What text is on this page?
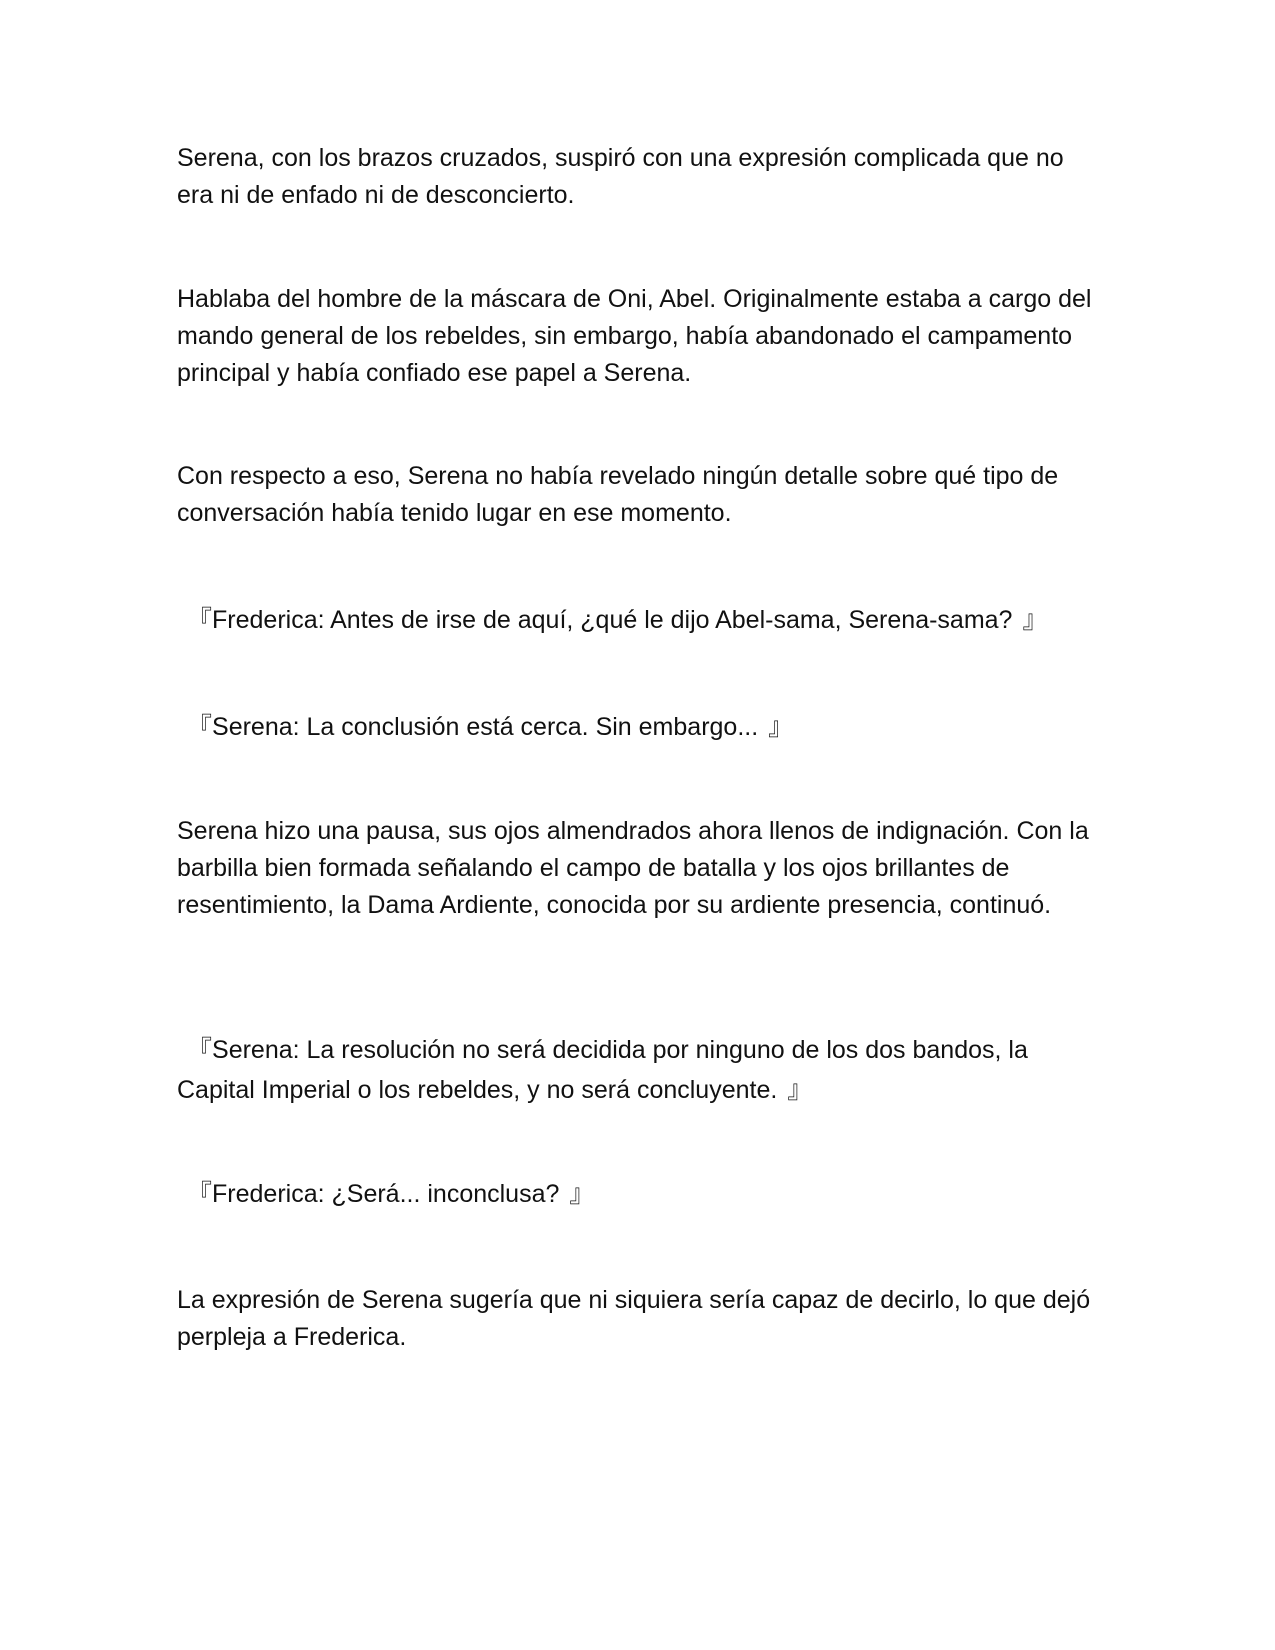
Serena, con los brazos cruzados, suspiró con una expresión complicada que no era ni de enfado ni de desconcierto.

Hablaba del hombre de la máscara de Oni, Abel. Originalmente estaba a cargo del mando general de los rebeldes, sin embargo, había abandonado el campamento principal y había confiado ese papel a Serena.

Con respecto a eso, Serena no había revelado ningún detalle sobre qué tipo de conversación había tenido lugar en ese momento.

『Frederica: Antes de irse de aquí, ¿qué le dijo Abel-sama, Serena-sama? 』

『Serena: La conclusión está cerca. Sin embargo... 』

Serena hizo una pausa, sus ojos almendrados ahora llenos de indignación. Con la barbilla bien formada señalando el campo de batalla y los ojos brillantes de resentimiento, la Dama Ardiente, conocida por su ardiente presencia, continuó.

『Serena: La resolución no será decidida por ninguno de los dos bandos, la Capital Imperial o los rebeldes, y no será concluyente. 』

『Frederica: ¿Será... inconclusa? 』

La expresión de Serena sugería que ni siquiera sería capaz de decirlo, lo que dejó perpleja a Frederica.
